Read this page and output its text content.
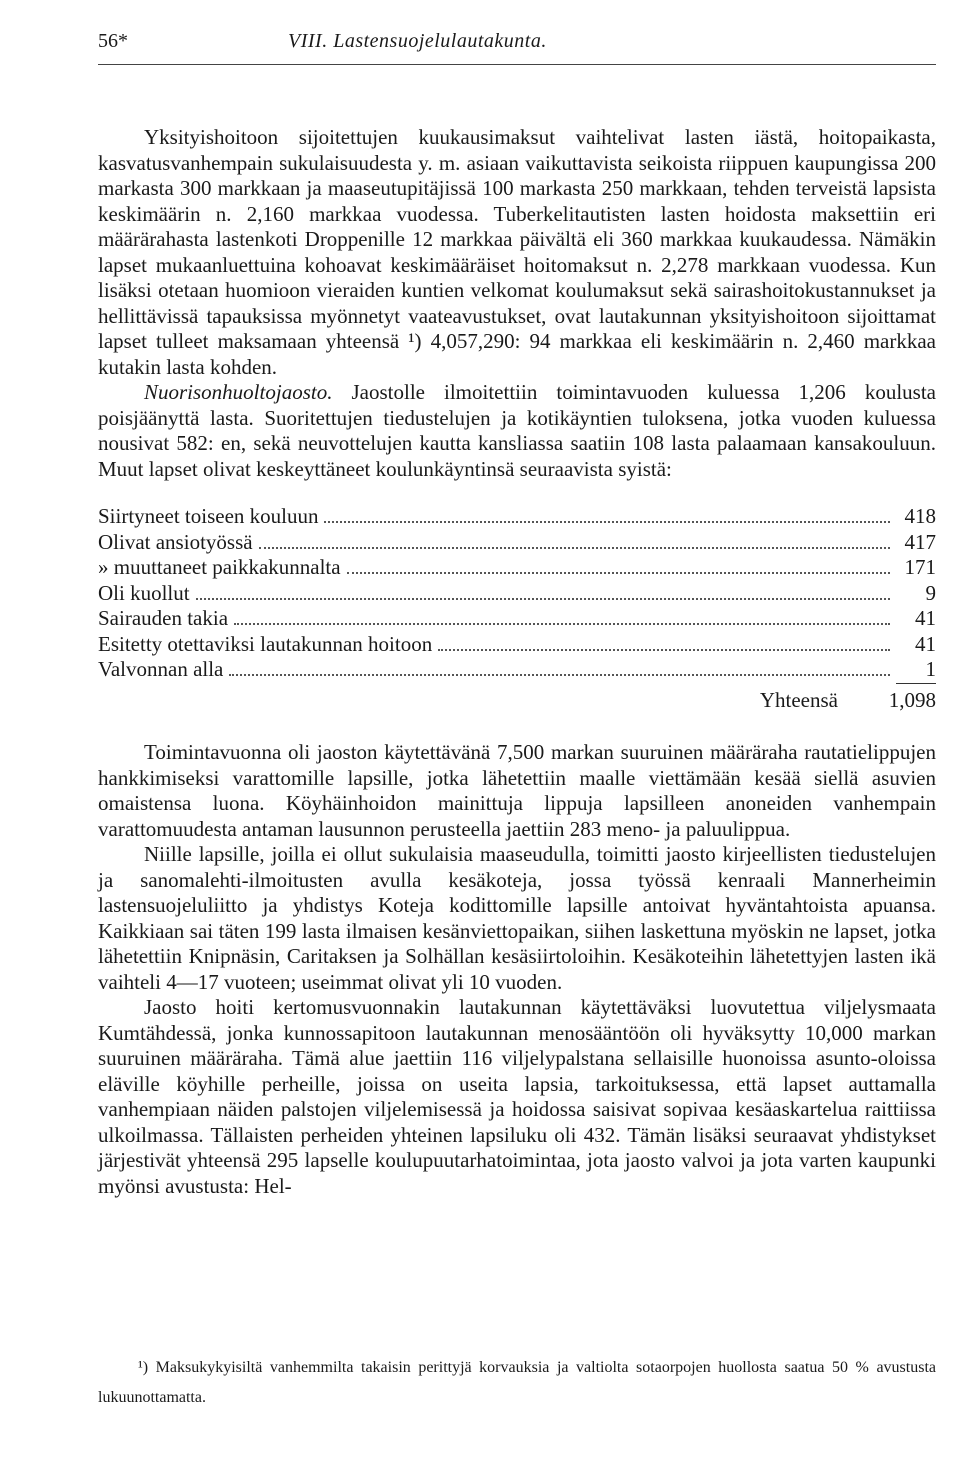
56*	VIII. Lastensuojelulautakunta.

Yksityishoitoon sijoitettujen kuukausimaksut vaihtelivat lasten iästä, hoitopaikasta, kasvatusvanhempain sukulaisuudesta y. m. asiaan vaikuttavista seikoista riippuen kaupungissa 200 markasta 300 markkaan ja maaseutupitäjissä 100 markasta 250 markkaan, tehden terveistä lapsista keskimäärin n. 2,160 markkaa vuodessa. Tuberkelitautisten lasten hoidosta maksettiin eri määrärahasta lastenkoti Droppenille 12 markkaa päivältä eli 360 markkaa kuukaudessa. Nämäkin lapset mukaanluettuina kohoavat keskimääräiset hoitomaksut n. 2,278 markkaan vuodessa. Kun lisäksi otetaan huomioon vieraiden kuntien velkomat koulumaksut sekä sairashoitokustannukset ja hellittävissä tapauksissa myönnetyt vaateavustukset, ovat lautakunnan yksityishoitoon sijoittamat lapset tulleet maksamaan yhteensä ¹) 4,057,290: 94 markkaa eli keskimäärin n. 2,460 markkaa kutakin lasta kohden.

Nuorisonhuoltojaosto. Jaostolle ilmoitettiin toimintavuoden kuluessa 1,206 koulusta poisjäänyttä lasta. Suoritettujen tiedustelujen ja kotikäyntien tuloksena, jotka vuoden kuluessa nousivat 582: en, sekä neuvottelujen kautta kansliassa saatiin 108 lasta palaamaan kansakouluun. Muut lapset olivat keskeyttäneet koulunkäyntinsä seuraavista syistä:

Siirtyneet toiseen kouluun	418
Olivat ansiotyössä	417
» muuttaneet paikkakunnalta	171
Oli kuollut	9
Sairauden takia	41
Esitetty otettaviksi lautakunnan hoitoon	41
Valvonnan alla	1
Yhteensä	1,098

Toimintavuonna oli jaoston käytettävänä 7,500 markan suuruinen määräraha rautatielippujen hankkimiseksi varattomille lapsille, jotka lähetettiin maalle viettämään kesää siellä asuvien omaistensa luona. Köyhäinhoidon mainittuja lippuja lapsilleen anoneiden vanhempain varattomuudesta antaman lausunnon perusteella jaettiin 283 meno- ja paluulippua.

Niille lapsille, joilla ei ollut sukulaisia maaseudulla, toimitti jaosto kirjeellisten tiedustelujen ja sanomalehti-ilmoitusten avulla kesäkoteja, jossa työssä kenraali Mannerheimin lastensuojeluliitto ja yhdistys Koteja kodittomille lapsille antoivat hyväntahtoista apuansa. Kaikkiaan sai täten 199 lasta ilmaisen kesänviettopaikan, siihen laskettuna myöskin ne lapset, jotka lähetettiin Knipnäsin, Caritaksen ja Solhällan kesäsiirtoloihin. Kesäkoteihin lähetettyjen lasten ikä vaihteli 4—17 vuoteen; useimmat olivat yli 10 vuoden.

Jaosto hoiti kertomusvuonnakin lautakunnan käytettäväksi luovutettua viljelysmaata Kumtähdessä, jonka kunnossapitoon lautakunnan menosääntöön oli hyväksytty 10,000 markan suuruinen määräraha. Tämä alue jaettiin 116 viljelypalstana sellaisille huonoissa asunto-oloissa eläville köyhille perheille, joissa on useita lapsia, tarkoituksessa, että lapset auttamalla vanhempiaan näiden palstojen viljelemisessä ja hoidossa saisivat sopivaa kesäaskartelua raittiissa ulkoilmassa. Tällaisten perheiden yhteinen lapsiluku oli 432. Tämän lisäksi seuraavat yhdistykset järjestivät yhteensä 295 lapselle koulupuutarhatoimintaa, jota jaosto valvoi ja jota varten kaupunki myönsi avustusta: Hel-

¹) Maksukykyisiltä vanhemmilta takaisin perittyjä korvauksia ja valtiolta sotaorpojen huollosta saatua 50 % avustusta lukuunottamatta.
